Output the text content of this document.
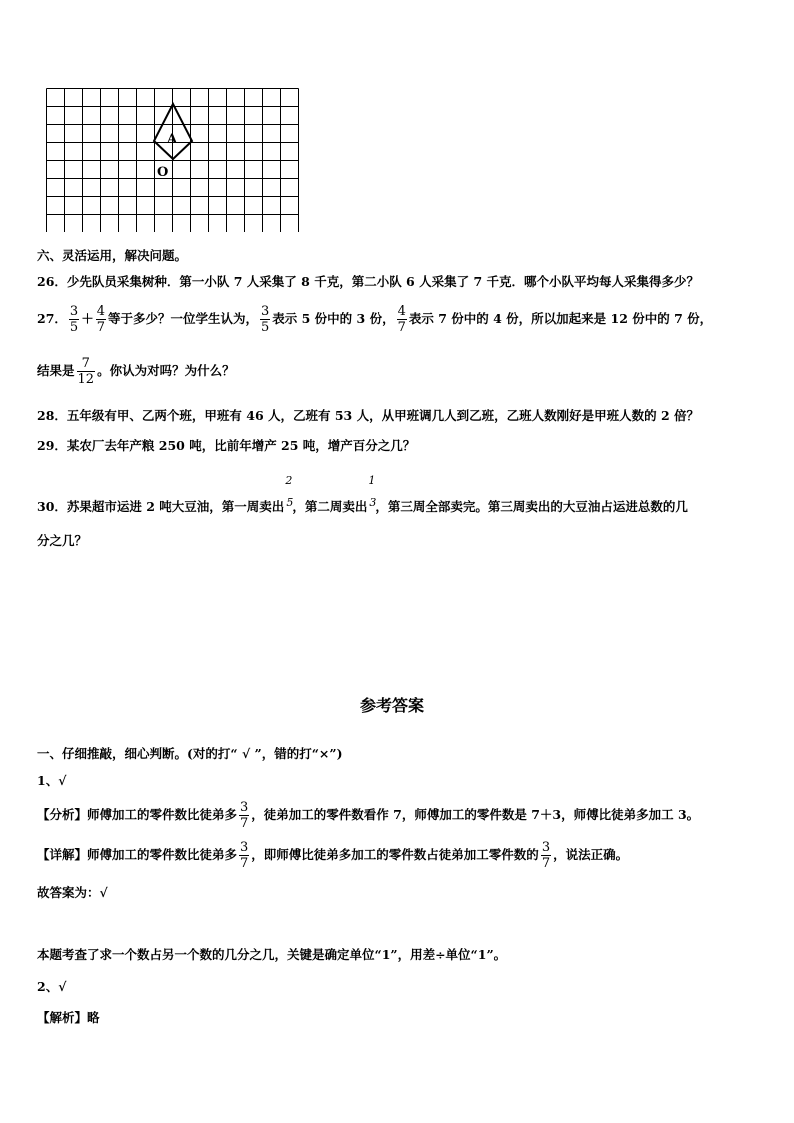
A
O
六、灵活运用，解决问题。
26．少先队员采集树种．第一小队 7 人采集了 8 千克，第二小队 6 人采集了 7 千克．哪个小队平均每人采集得多少？
27． $\frac{3}{5} + \frac{4}{7}$ 等于多少？一位学生认为， $\frac{3}{5}$ 表示 5 份中的 3 份， $\frac{4}{7}$ 表示 7 份中的 4 份，所以加起来是 12 份中的 7 份，
结果是 $\frac{7}{12}$ 。你认为对吗？为什么？
28．五年级有甲、乙两个班，甲班有 46 人，乙班有 53 人，从甲班调几人到乙班，乙班人数刚好是甲班人数的 2 倍？
29．某农厂去年产粮 250 吨，比前年增产 25 吨，增产百分之几？
30．苏果超市运进 2 吨大豆油，第一周卖出
2
5 ，第二周卖出
1
3 ，第三周全部卖完。第三周卖出的大豆油占运进总数的几
分之几？
参考答案
一、仔细推敲，细心判断。(对的打“ √ ”，错的打“×”)
1、√
【分析】师傅加工的零件数比徒弟多 $\frac{3}{7}$ ，徒弟加工的零件数看作 7，师傅加工的零件数是 7＋3，师傅比徒弟多加工 3。
【详解】师傅加工的零件数比徒弟多 $\frac{3}{7}$ ，即师傅比徒弟多加工的零件数占徒弟加工零件数的 $\frac{3}{7}$ ，说法正确。
故答案为：√
本题考查了求一个数占另一个数的几分之几，关键是确定单位“1”，用差÷单位“1”。
2、√
【解析】略
